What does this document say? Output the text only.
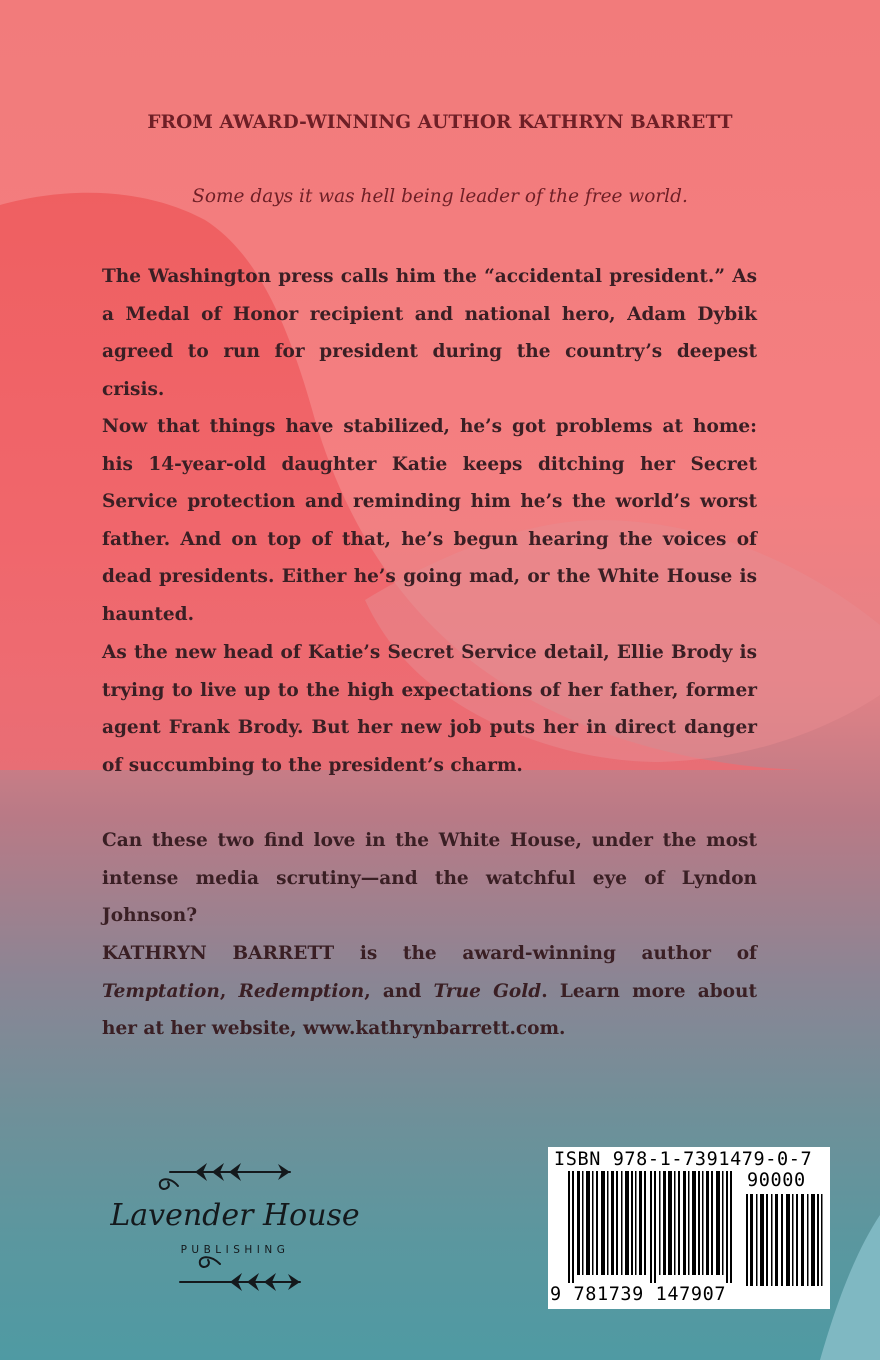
FROM AWARD-WINNING AUTHOR KATHRYN BARRETT
Some days it was hell being leader of the free world.

The Washington press calls him the “accidental president.” As a Medal of Honor recipient and national hero, Adam Dybik agreed to run for president during the country’s deepest crisis.

Now that things have stabilized, he’s got problems at home: his 14-year-old daughter Katie keeps ditching her Secret Service protection and reminding him he’s the world’s worst father. And on top of that, he’s begun hearing the voices of dead presidents. Either he’s going mad, or the White House is haunted.

As the new head of Katie’s Secret Service detail, Ellie Brody is trying to live up to the high expectations of her father, former agent Frank Brody. But her new job puts her in direct danger of succumbing to the president’s charm.

Can these two find love in the White House, under the most intense media scrutiny—and the watchful eye of Lyndon Johnson?

KATHRYN BARRETT is the award-winning author of Temptation, Redemption, and True Gold. Learn more about her at her website, www.kathrynbarrett.com.

Lavender House
PUBLISHING
ISBN 978-1-7391479-0-7
90000
9 781739 147907
